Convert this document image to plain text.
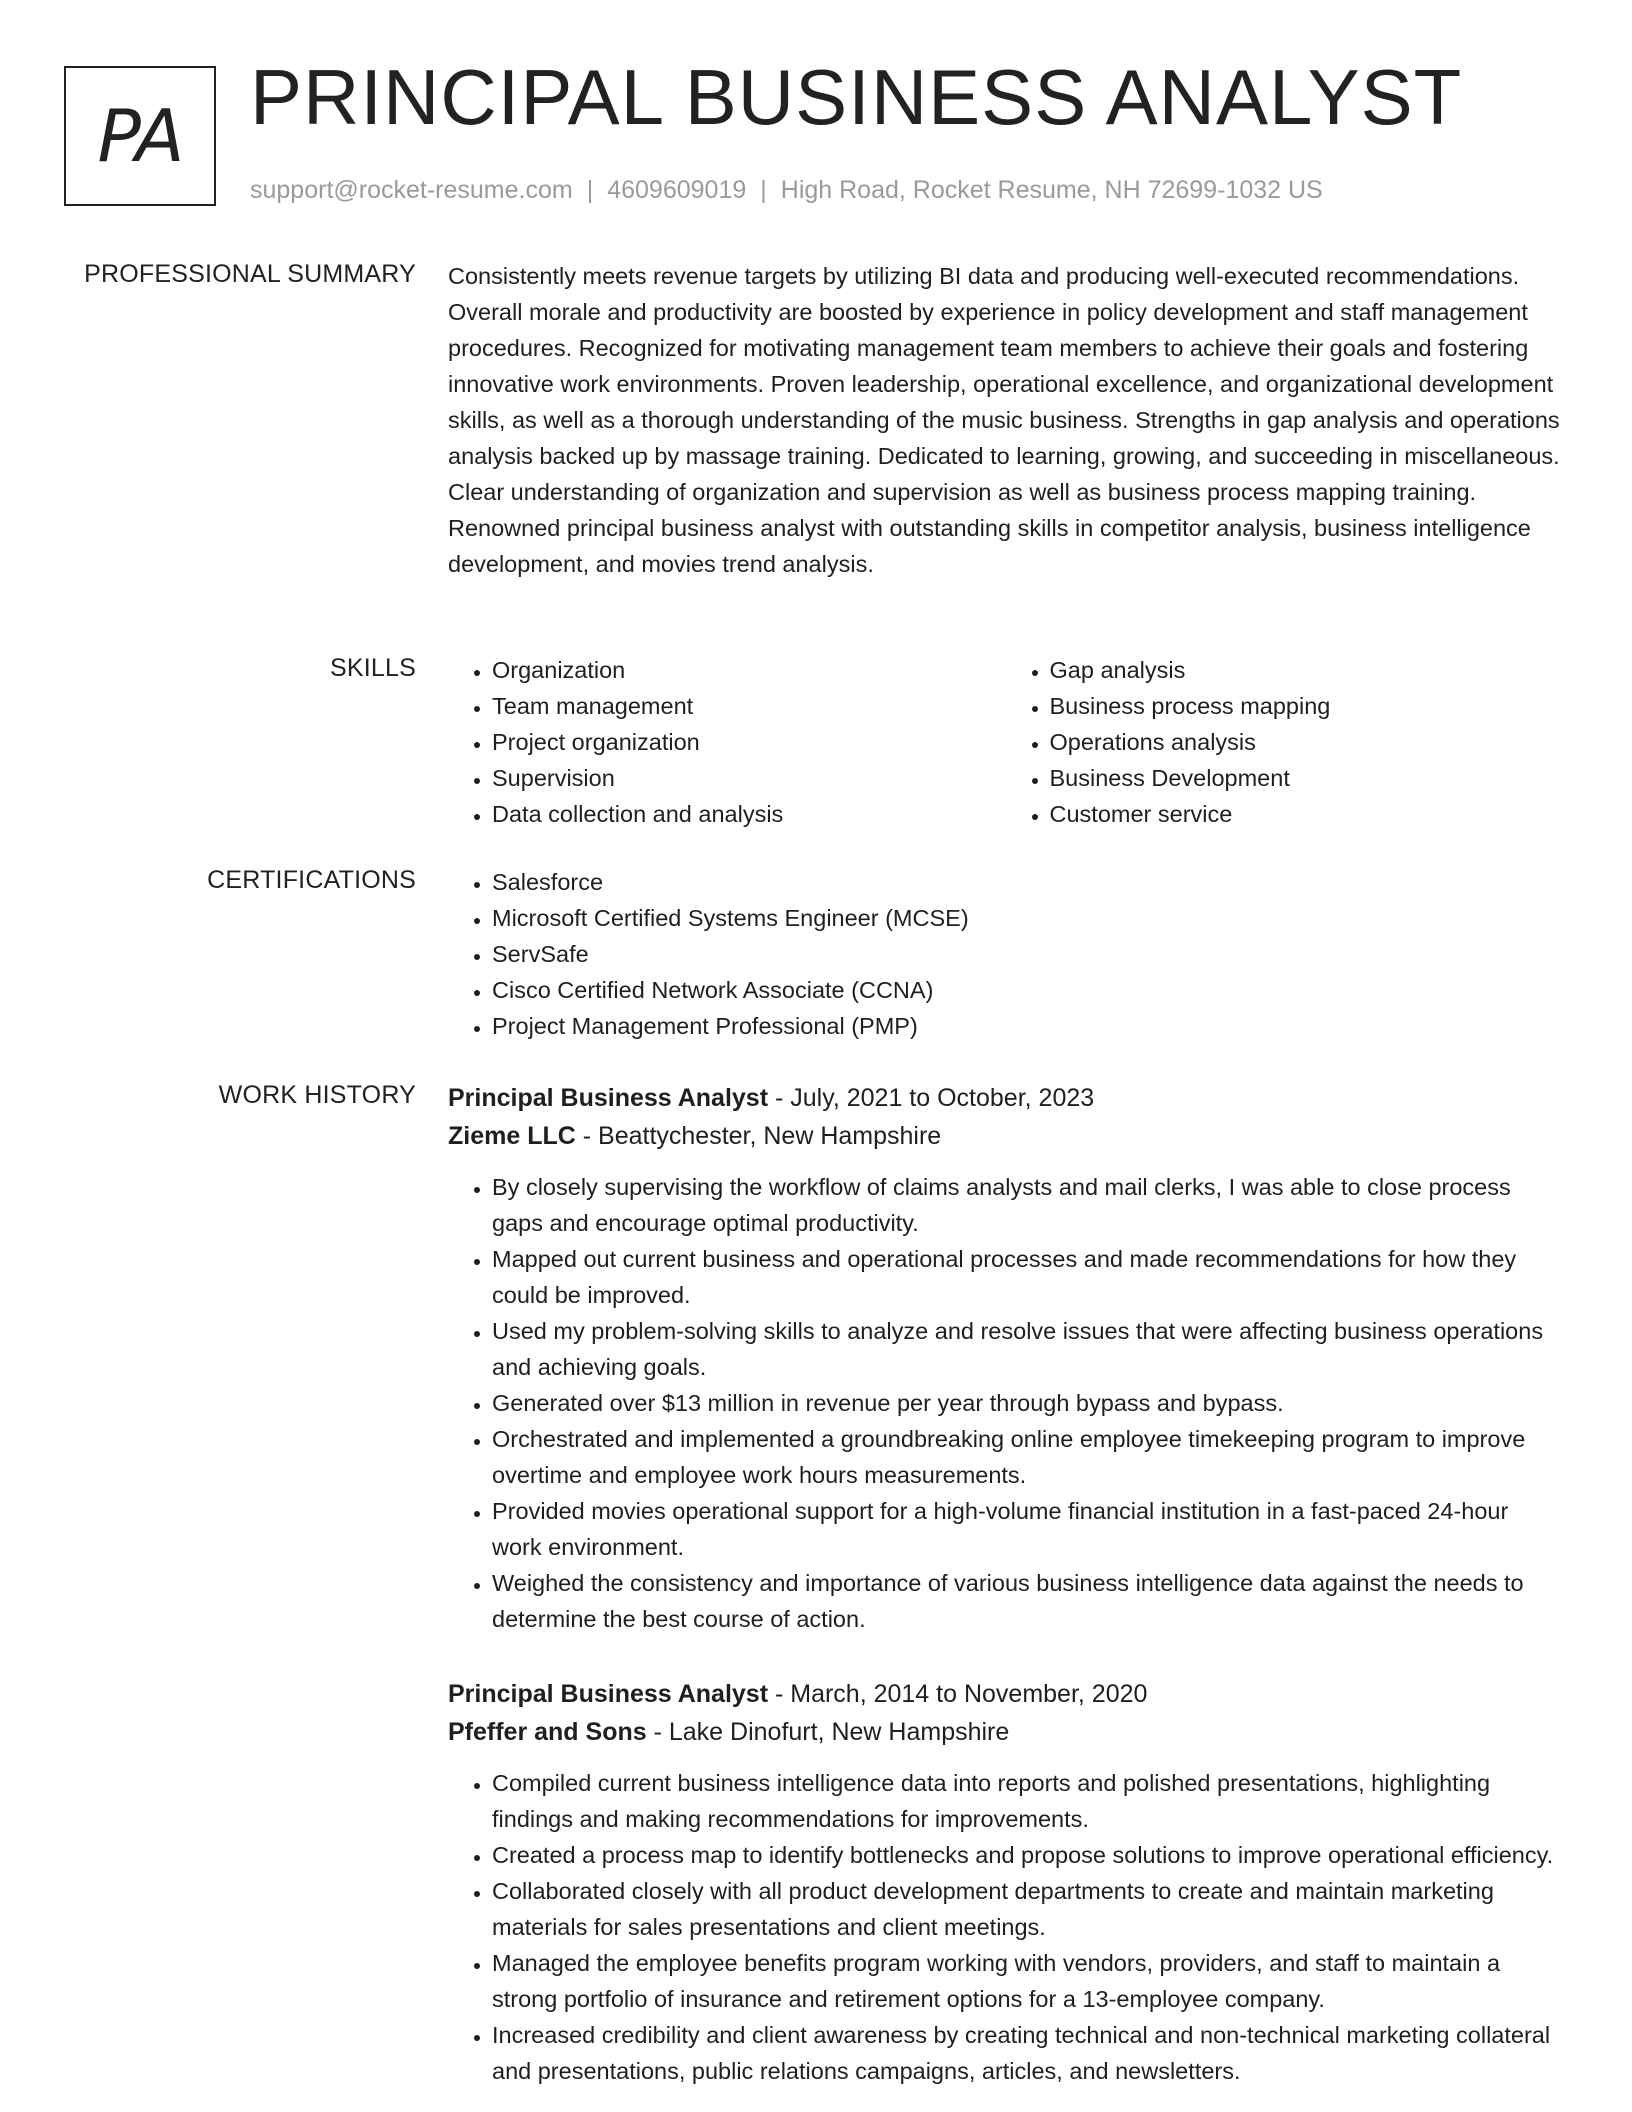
PA PRINCIPAL BUSINESS ANALYST
support@rocket-resume.com | 4609609019 | High Road, Rocket Resume, NH 72699-1032 US
PROFESSIONAL SUMMARY Consistently meets revenue targets by utilizing BI data and producing well-executed recommendations. Overall morale and productivity are boosted by experience in policy development and staff management procedures. Recognized for motivating management team members to achieve their goals and fostering innovative work environments. Proven leadership, operational excellence, and organizational development skills, as well as a thorough understanding of the music business. Strengths in gap analysis and operations analysis backed up by massage training. Dedicated to learning, growing, and succeeding in miscellaneous. Clear understanding of organization and supervision as well as business process mapping training. Renowned principal business analyst with outstanding skills in competitor analysis, business intelligence development, and movies trend analysis.

SKILLS	• Organization
• Team management
• Project organization
• Supervision
• Data collection and analysis
• Gap analysis
• Business process mapping
• Operations analysis
• Business Development
• Customer service
CERTIFICATIONS	• Salesforce
• Microsoft Certified Systems Engineer (MCSE)
• ServSafe
• Cisco Certified Network Associate (CCNA)
• Project Management Professional (PMP)
WORK HISTORY Principal Business Analyst - July, 2021 to October, 2023
Zieme LLC - Beattychester, New Hampshire
• By closely supervising the workflow of claims analysts and mail clerks, I was able to close process gaps and encourage optimal productivity.
• Mapped out current business and operational processes and made recommendations for how they could be improved.
• Used my problem-solving skills to analyze and resolve issues that were affecting business operations and achieving goals.
• Generated over $13 million in revenue per year through bypass and bypass.
• Orchestrated and implemented a groundbreaking online employee timekeeping program to improve overtime and employee work hours measurements.
• Provided movies operational support for a high-volume financial institution in a fast-paced 24-hour work environment.
• Weighed the consistency and importance of various business intelligence data against the needs to determine the best course of action.
Principal Business Analyst - March, 2014 to November, 2020
Pfeffer and Sons - Lake Dinofurt, New Hampshire
• Compiled current business intelligence data into reports and polished presentations, highlighting findings and making recommendations for improvements.
• Created a process map to identify bottlenecks and propose solutions to improve operational efficiency.
• Collaborated closely with all product development departments to create and maintain marketing materials for sales presentations and client meetings.
• Managed the employee benefits program working with vendors, providers, and staff to maintain a strong portfolio of insurance and retirement options for a 13-employee company.
• Increased credibility and client awareness by creating technical and non-technical marketing collateral and presentations, public relations campaigns, articles, and newsletters.
